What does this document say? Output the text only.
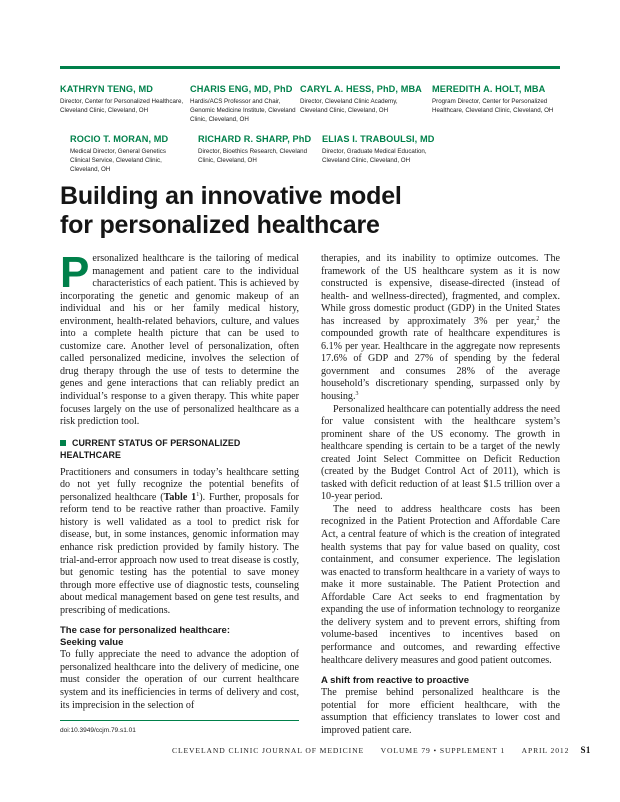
KATHRYN TENG, MD
Director, Center for Personalized Healthcare, Cleveland Clinic, Cleveland, OH
CHARIS ENG, MD, PhD
Hardis/ACS Professor and Chair, Genomic Medicine Institute, Cleveland Clinic, Cleveland, OH
CARYL A. HESS, PhD, MBA
Director, Cleveland Clinic Academy, Cleveland Clinic, Cleveland, OH
MEREDITH A. HOLT, MBA
Program Director, Center for Personalized Healthcare, Cleveland Clinic, Cleveland, OH
ROCIO T. MORAN, MD
Medical Director, General Genetics Clinical Service, Cleveland Clinic, Cleveland, OH
RICHARD R. SHARP, PhD
Director, Bioethics Research, Cleveland Clinic, Cleveland, OH
ELIAS I. TRABOULSI, MD
Director, Graduate Medical Education, Cleveland Clinic, Cleveland, OH
Building an innovative model
for personalized healthcare

Personalized healthcare is the tailoring of medical management and patient care to the individual characteristics of each patient. This is achieved by incorporating the genetic and genomic makeup of an individual and his or her family medical history, environment, health-related behaviors, culture, and values into a complete health picture that can be used to customize care. Another level of personalization, often called personalized medicine, involves the selection of drug therapy through the use of tests to determine the genes and gene interactions that can reliably predict an individual’s response to a given therapy. This white paper focuses largely on the use of personalized healthcare as a risk prediction tool.

CURRENT STATUS OF PERSONALIZED HEALTHCARE

Practitioners and consumers in today’s healthcare setting do not yet fully recognize the potential benefits of personalized healthcare (Table $1^1$). Further, proposals for reform tend to be reactive rather than proactive. Family history is well validated as a tool to predict risk for disease, but, in some instances, genomic information may enhance risk prediction provided by family history. The trial-and-error approach now used to treat disease is costly, but genomic testing has the potential to save money through more effective use of diagnostic tests, counseling about medical management based on gene test results, and prescribing of medications.

The case for personalized healthcare:
Seeking value

To fully appreciate the need to advance the adoption of personalized healthcare into the delivery of medicine, one must consider the operation of our current healthcare system and its inefficiencies in terms of delivery and cost, its imprecision in the selection of

therapies, and its inability to optimize outcomes. The framework of the US healthcare system as it is now constructed is expensive, disease-directed (instead of health- and wellness-directed), fragmented, and complex. While gross domestic product (GDP) in the United States has increased by approximately 3% per year,$^2$ the compounded growth rate of healthcare expenditures is 6.1% per year. Healthcare in the aggregate now represents 17.6% of GDP and 27% of spending by the federal government and consumes 28% of the average household’s discretionary spending, surpassed only by housing.$^3$

Personalized healthcare can potentially address the need for value consistent with the healthcare system’s prominent share of the US economy. The growth in healthcare spending is certain to be a target of the newly created Joint Select Committee on Deficit Reduction (created by the Budget Control Act of 2011), which is tasked with deficit reduction of at least $1.5 trillion over a 10-year period.

The need to address healthcare costs has been recognized in the Patient Protection and Affordable Care Act, a central feature of which is the creation of integrated health systems that pay for value based on quality, cost containment, and consumer experience. The legislation was enacted to transform healthcare in a variety of ways to make it more sustainable. The Patient Protection and Affordable Care Act seeks to end fragmentation by expanding the use of information technology to reorganize the delivery system and to prevent errors, shifting from volume-based incentives to incentives based on performance and outcomes, and rewarding effective healthcare delivery measures and good patient outcomes.

A shift from reactive to proactive

The premise behind personalized healthcare is the potential for more efficient healthcare, with the assumption that efficiency translates to lower cost and improved patient care.

doi:10.3949/ccjm.79.s1.01
CLEVELAND CLINIC JOURNAL OF MEDICINE VOLUME 79 • SUPPLEMENT 1 APRIL 2012 S1
